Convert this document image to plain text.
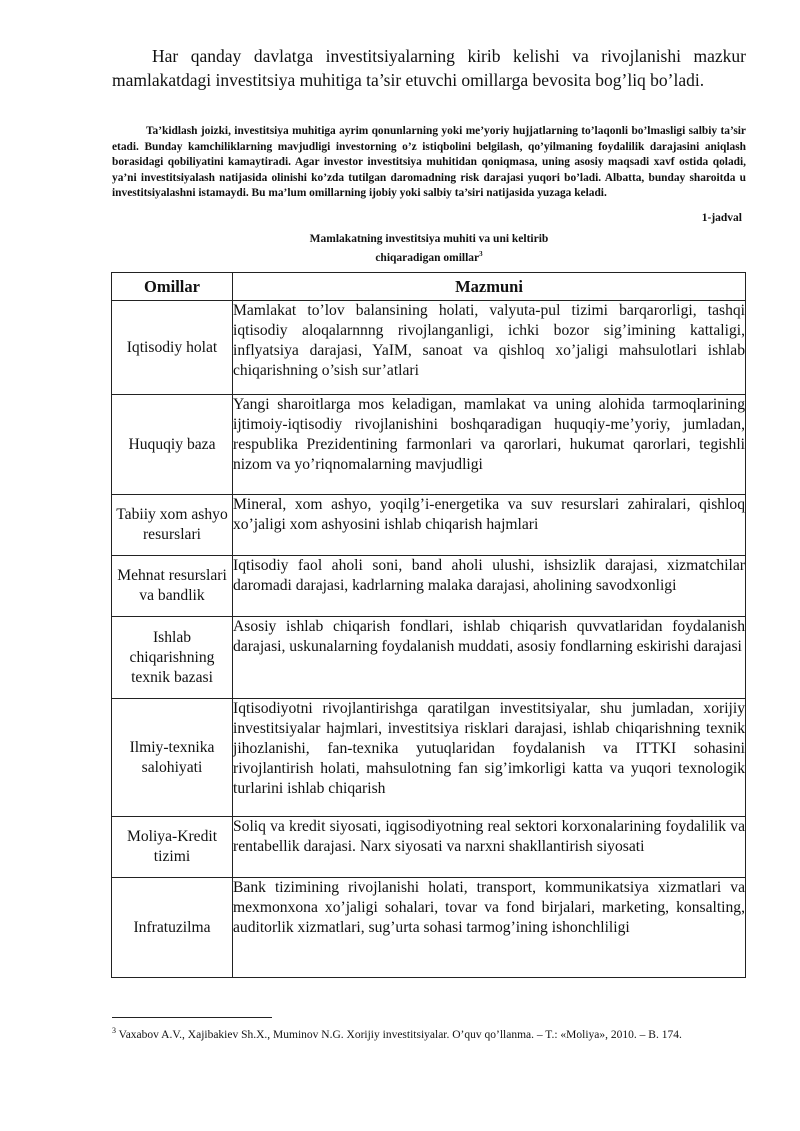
Har qanday davlatga investitsiyalarning kirib kelishi va rivojlanishi mazkur mamlakatdagi investitsiya muhitiga ta’sir etuvchi omillarga bevosita bog’liq bo’ladi.

Ta’kidlash joizki, investitsiya muhitiga ayrim qonunlarning yoki me’yoriy hujjatlarning to’laqonli bo’lmasligi salbiy ta’sir etadi. Bunday kamchiliklarning mavjudligi investorning o’z istiqbolini belgilash, qo’yilmaning foydalilik darajasini aniqlash borasidagi qobiliyatini kamaytiradi. Agar investor investitsiya muhitidan qoniqmasa, uning asosiy maqsadi xavf ostida qoladi, ya’ni investitsiyalash natijasida olinishi ko’zda tutilgan daromadning risk darajasi yuqori bo’ladi. Albatta, bunday sharoitda u investitsiyalashni istamaydi. Bu ma’lum omillarning ijobiy yoki salbiy ta’siri natijasida yuzaga keladi.

1-jadval
Mamlakatning investitsiya muhiti va uni keltirib
chiqaradigan omillar$^3$
Omillar	Mazmuni
Iqtisodiy holat	Mamlakat to’lov balansining holati, valyuta-pul tizimi barqarorligi, tashqi iqtisodiy aloqalarnnng rivojlanganligi, ichki bozor sig’imining kattaligi, inflyatsiya darajasi, YaIM, sanoat va qishloq xo’jaligi mahsulotlari ishlab chiqarishning o’sish sur’atlari
Huquqiy baza	Yangi sharoitlarga mos keladigan, mamlakat va uning alohida tarmoqlarining ijtimoiy-iqtisodiy rivojlanishini boshqaradigan huquqiy-me’yoriy, jumladan, respublika Prezidentining farmonlari va qarorlari, hukumat qarorlari, tegishli nizom va yo’riqnomalarning mavjudligi
Tabiiy xom ashyo resurslari	Mineral, xom ashyo, yoqilg’i-energetika va suv resurslari zahiralari, qishloq xo’jaligi xom ashyosini ishlab chiqarish hajmlari
Mehnat resurslari va bandlik	Iqtisodiy faol aholi soni, band aholi ulushi, ishsizlik darajasi, xizmatchilar daromadi darajasi, kadrlarning malaka darajasi, aholining savodxonligi
Ishlab chiqarishning texnik bazasi	Asosiy ishlab chiqarish fondlari, ishlab chiqarish quvvatlaridan foydalanish darajasi, uskunalarning foydalanish muddati, asosiy fondlarning eskirishi darajasi
Ilmiy-texnika salohiyati	Iqtisodiyotni rivojlantirishga qaratilgan investitsiyalar, shu jumladan, xorijiy investitsiyalar hajmlari, investitsiya risklari darajasi, ishlab chiqarishning texnik jihozlanishi, fan-texnika yutuqlaridan foydalanish va ITTKI sohasini rivojlantirish holati, mahsulotning fan sig’imkorligi katta va yuqori texnologik turlarini ishlab chiqarish
Moliya-Kredit tizimi	Soliq va kredit siyosati, iqgisodiyotning real sektori korxonalarining foydalilik va rentabellik darajasi. Narx siyosati va narxni shakllantirish siyosati
Infratuzilma	Bank tizimining rivojlanishi holati, transport, kommunikatsiya xizmatlari va mexmonxona xo’jaligi sohalari, tovar va fond birjalari, marketing, konsalting, auditorlik xizmatlari, sug’urta sohasi tarmog’ining ishonchliligi

$^3$ Vaxabov A.V., Xajibakiev Sh.X., Muminov N.G. Xorijiy investitsiyalar. O’quv qo’llanma. – T.: «Moliya», 2010. – B. 174.
